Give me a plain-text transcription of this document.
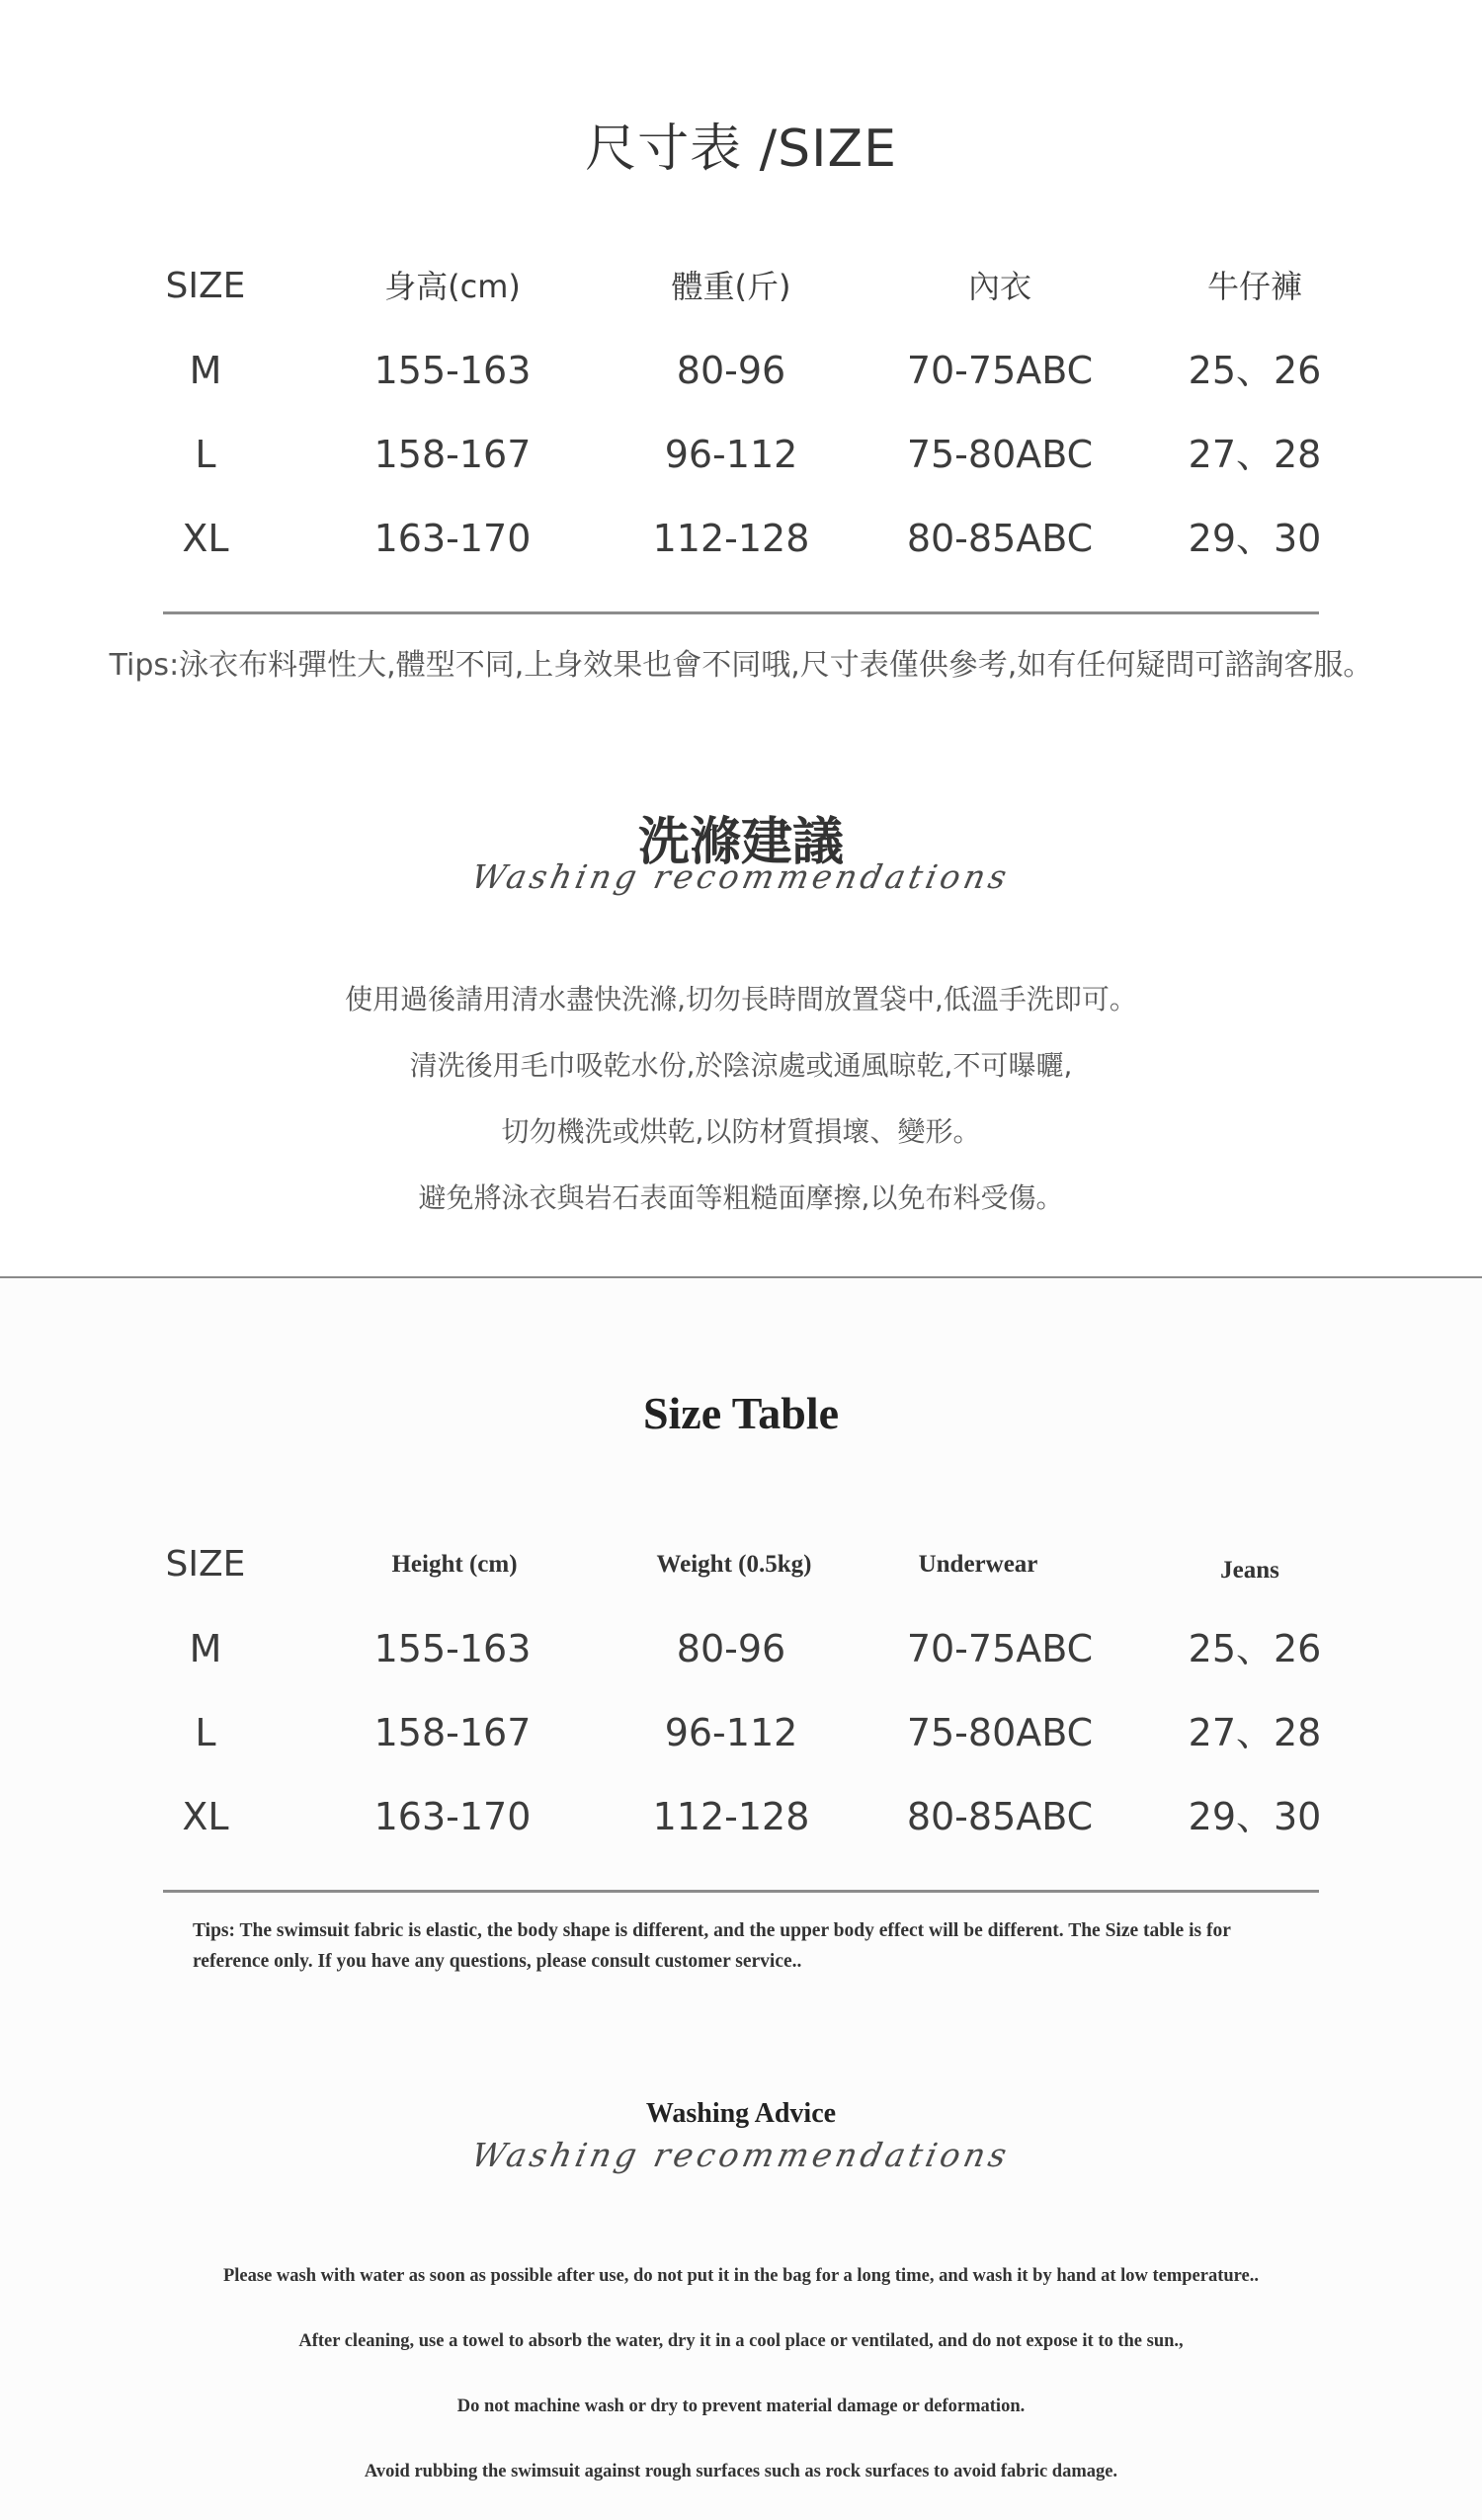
尺寸表 /SIZE
SIZE	身高(cm)	體重(斤)	內衣	牛仔褲
M	155-163	80-96	70-75ABC	25、26
L	158-167	96-112	75-80ABC	27、28
XL	163-170	112-128	80-85ABC	29、30
Tips:泳衣布料彈性大,體型不同,上身效果也會不同哦,尺寸表僅供參考,如有任何疑問可諮詢客服。
洗滌建議
Washing recommendations
使用過後請用清水盡快洗滌,切勿長時間放置袋中,低溫手洗即可。
清洗後用毛巾吸乾水份,於陰涼處或通風晾乾,不可曝曬,
切勿機洗或烘乾,以防材質損壞、變形。
避免將泳衣與岩石表面等粗糙面摩擦,以免布料受傷。
Size Table
SIZE	Height (cm)	Weight (0.5kg)	Underwear	Jeans
M	155-163	80-96	70-75ABC	25、26
L	158-167	96-112	75-80ABC	27、28
XL	163-170	112-128	80-85ABC	29、30
Tips: The swimsuit fabric is elastic, the body shape is different, and the upper body effect will be different. The Size table is for reference only. If you have any questions, please consult customer service..
Washing Advice
Washing recommendations
Please wash with water as soon as possible after use, do not put it in the bag for a long time, and wash it by hand at low temperature..
After cleaning, use a towel to absorb the water, dry it in a cool place or ventilated, and do not expose it to the sun.,
Do not machine wash or dry to prevent material damage or deformation.
Avoid rubbing the swimsuit against rough surfaces such as rock surfaces to avoid fabric damage.
